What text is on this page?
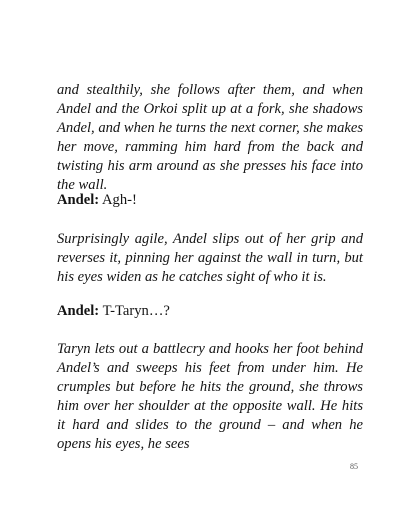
and stealthily, she follows after them, and when Andel and the Orkoi split up at a fork, she shadows Andel, and when he turns the next corner, she makes her move, ramming him hard from the back and twisting his arm around as she presses his face into the wall.

Andel: Agh-!

Surprisingly agile, Andel slips out of her grip and reverses it, pinning her against the wall in turn, but his eyes widen as he catches sight of who it is.

Andel: T-Taryn…?

Taryn lets out a battlecry and hooks her foot behind Andel’s and sweeps his feet from under him. He crumples but before he hits the ground, she throws him over her shoulder at the opposite wall. He hits it hard and slides to the ground – and when he opens his eyes, he sees

85
